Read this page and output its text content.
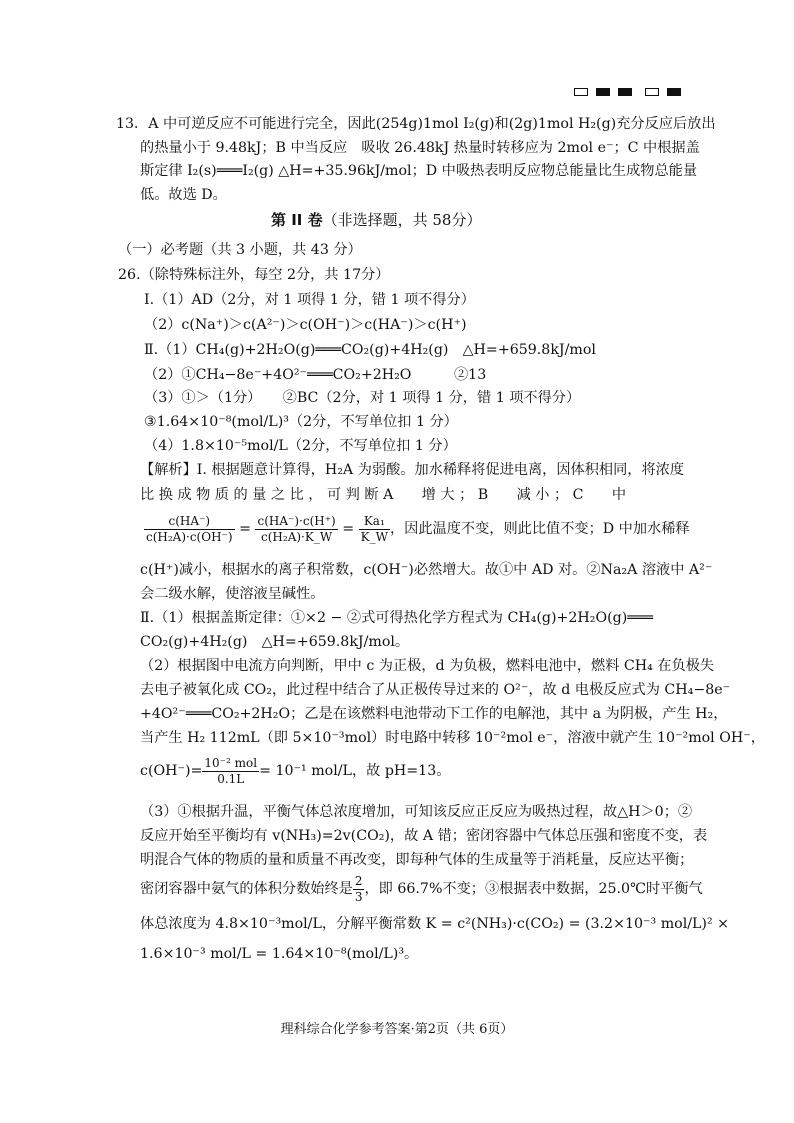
13．A 中可逆反应不可能进行完全，因此(254g)1mol I₂(g)和(2g)1mol H₂(g)充分反应后放出
的热量小于 9.48kJ；B 中当反应　吸收 26.48kJ 热量时转移应为 2mol e⁻；C 中根据盖
斯定律 I₂(s)═══I₂(g) △H=+35.96kJ/mol；D 中吸热表明反应物总能量比生成物总能量
低。故选 D。
第 II 卷（非选择题，共 58分）
（一）必考题（共 3 小题，共 43 分）
26.（除特殊标注外，每空 2分，共 17分）
Ⅰ.（1）AD（2分，对 1 项得 1 分，错 1 项不得分）
（2）c(Na⁺)＞c(A²⁻)＞c(OH⁻)＞c(HA⁻)＞c(H⁺)
Ⅱ.（1）CH₄(g)+2H₂O(g)═══CO₂(g)+4H₂(g)　△H=+659.8kJ/mol
（2）①CH₄−8e⁻+4O²⁻═══CO₂+2H₂O　　　②13
（3）①＞（1分）　　②BC（2分，对 1 项得 1 分，错 1 项不得分）
③1.64×10⁻⁸(mol/L)³（2分，不写单位扣 1 分）
（4）1.8×10⁻⁵mol/L（2分，不写单位扣 1 分）
【解析】Ⅰ. 根据题意计算得，H₂A 为弱酸。加水稀释将促进电离，因体积相同，将浓度
比 换 成 物 质 的 量 之 比 ， 可 判 断 A　　增 大 ； B　　减 小 ； C　　中
$\frac{c(HA^-)}{\text{c(H₂A)·c(OH⁻)}} = \frac{c(HA^-)\cdot c(H^+)}{\text{c(H₂A)·K\_W}} = \frac{\text{Ka₁}}{K\_W}$ ，因此温度不变，则此比值不变；D 中加水稀释
c(H⁺)减小，根据水的离子积常数，c(OH⁻)必然增大。故①中 AD 对。②Na₂A 溶液中 A²⁻
会二级水解，使溶液呈碱性。
Ⅱ.（1）根据盖斯定律：①×2 − ②式可得热化学方程式为 CH₄(g)+2H₂O(g)═══
CO₂(g)+4H₂(g)　△H=+659.8kJ/mol。
（2）根据图中电流方向判断，甲中 c 为正极，d 为负极，燃料电池中，燃料 CH₄ 在负极失
去电子被氧化成 CO₂，此过程中结合了从正极传导过来的 O²⁻，故 d 电极反应式为 CH₄−8e⁻
+4O²⁻═══CO₂+2H₂O；乙是在该燃料电池带动下工作的电解池，其中 a 为阴极，产生 H₂，
当产生 H₂ 112mL（即 5×10⁻³mol）时电路中转移 10⁻²mol e⁻，溶液中就产生 10⁻²mol OH⁻，
$c(OH^-)= \frac{\text{10⁻² mol}}{0.1L} = 10^{-1}$ mol/L，故 pH=13。
（3）①根据升温，平衡气体总浓度增加，可知该反应正反应为吸热过程，故△H＞0；②
反应开始至平衡均有 v(NH₃)=2v(CO₂)，故 A 错；密闭容器中气体总压强和密度不变，表
明混合气体的物质的量和质量不再改变，即每种气体的生成量等于消耗量，反应达平衡；
密闭容器中氨气的体积分数始终是 $\frac{2}{3}$ ，即 66.7%不变；③根据表中数据，25.0℃时平衡气
体总浓度为 4.8×10⁻³mol/L，分解平衡常数 K = c²(NH₃)·c(CO₂) = (3.2×10⁻³ mol/L)² ×
1.6×10⁻³ mol/L = 1.64×10⁻⁸(mol/L)³。
理科综合化学参考答案·第2页（共 6页）
